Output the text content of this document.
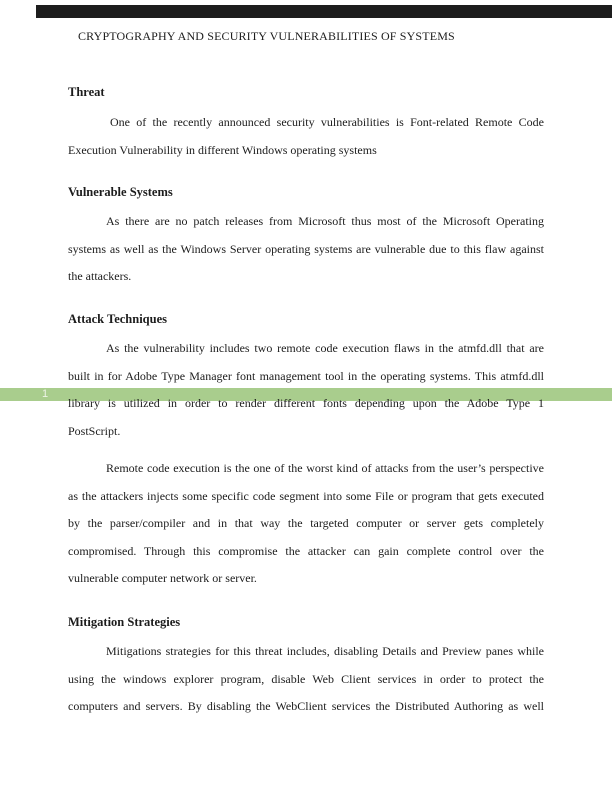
CRYPTOGRAPHY AND SECURITY VULNERABILITIES OF SYSTEMS
1
Threat
One of the recently announced security vulnerabilities is Font-related Remote Code
Execution Vulnerability in different Windows operating systems
Vulnerable Systems
As there are no patch releases from Microsoft thus most of the Microsoft Operating
systems as well as the Windows Server operating systems are vulnerable due to this flaw against
the attackers.
Attack Techniques
As the vulnerability includes two remote code execution flaws in the atmfd.dll that are
built in for Adobe Type Manager font management tool in the operating systems. This atmfd.dll
library is utilized in order to render different fonts depending upon the Adobe Type 1
PostScript.
Remote code execution is the one of the worst kind of attacks from the user’s perspective
as the attackers injects some specific code segment into some File or program that gets executed
by the parser/compiler and in that way the targeted computer or server gets completely
compromised. Through this compromise the attacker can gain complete control over the
vulnerable computer network or server.
Mitigation Strategies
Mitigations strategies for this threat includes, disabling Details and Preview panes while
using the windows explorer program, disable Web Client services in order to protect the
computers and servers. By disabling the WebClient services the Distributed Authoring as well
